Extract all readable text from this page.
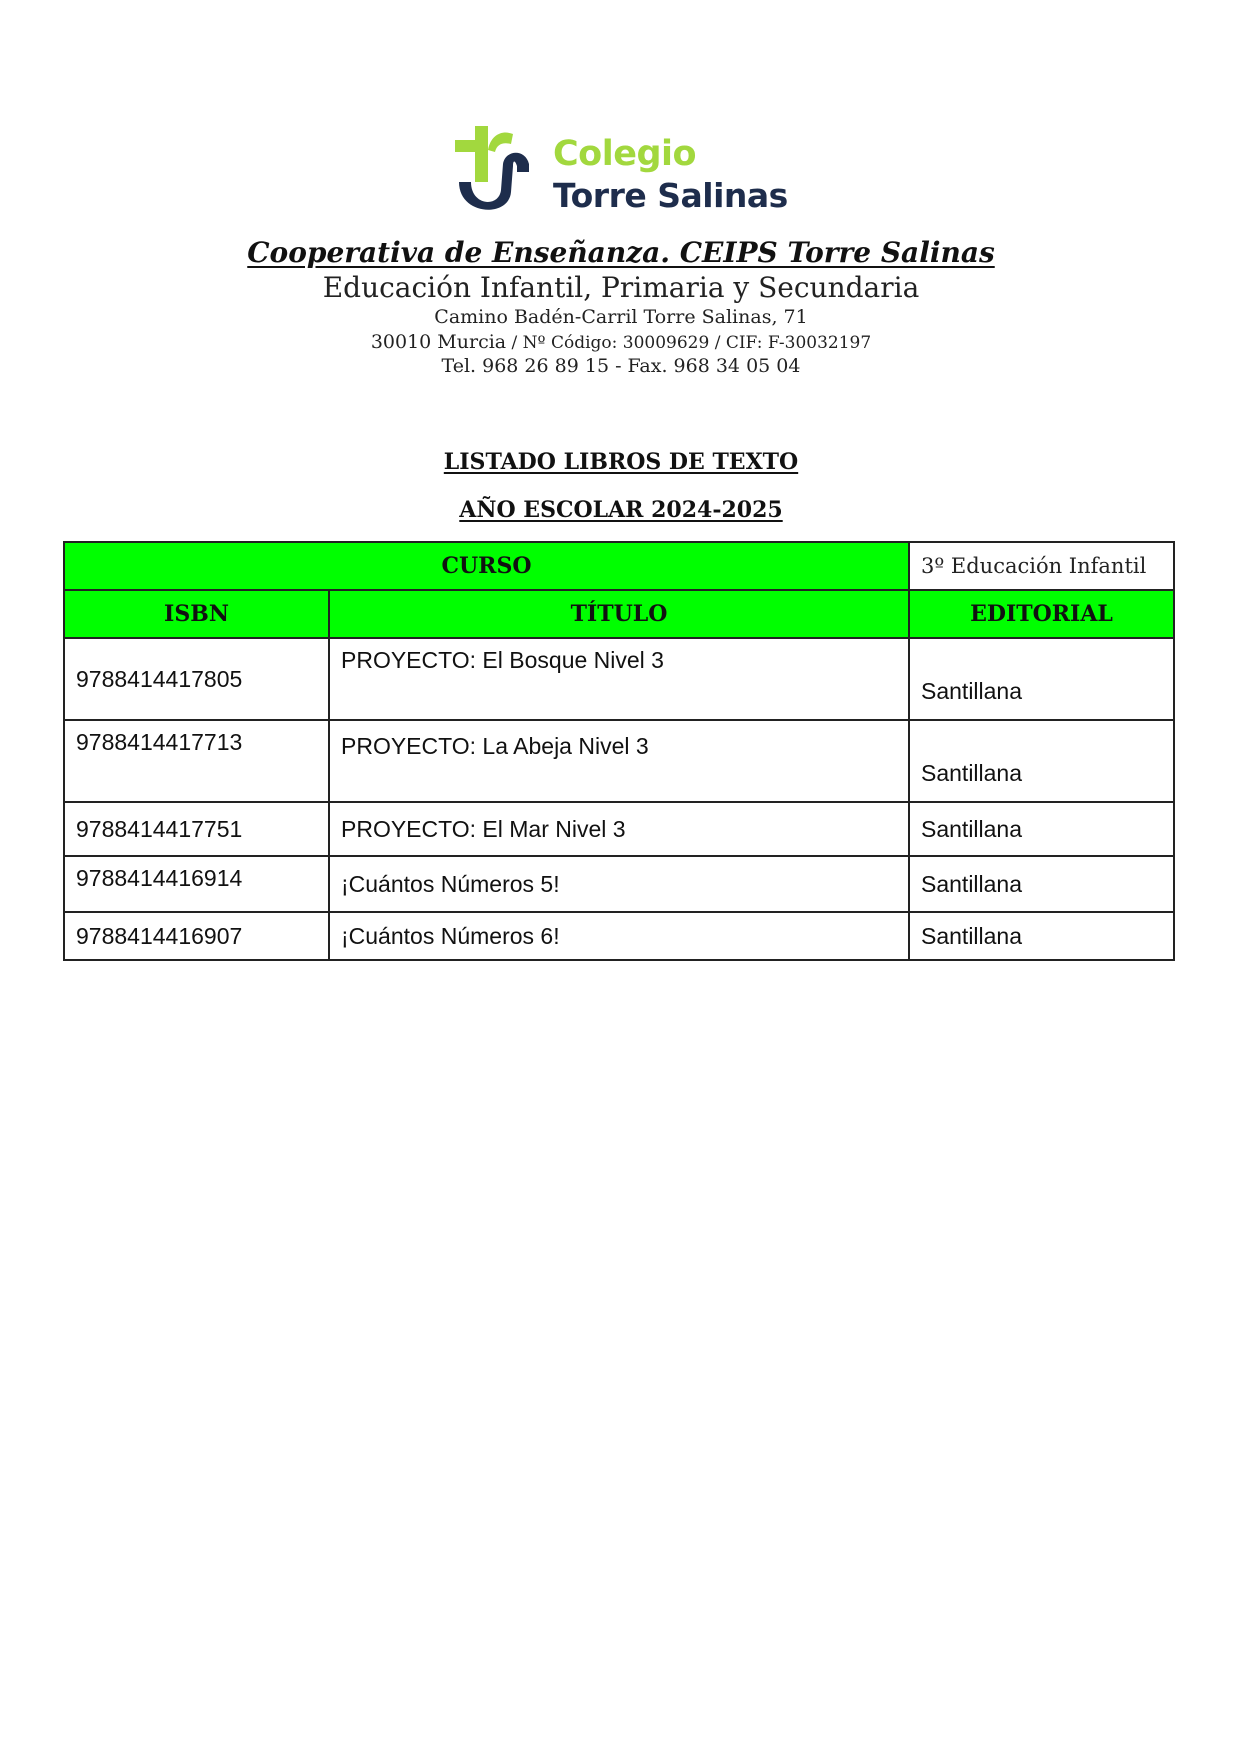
Colegio
Torre Salinas
Cooperativa de Enseñanza. CEIPS Torre Salinas
Educación Infantil, Primaria y Secundaria
Camino Badén-Carril Torre Salinas, 71
30010 Murcia / Nº Código: 30009629 / CIF: F-30032197
Tel. 968 26 89 15 - Fax. 968 34 05 04
LISTADO LIBROS DE TEXTO
AÑO ESCOLAR 2024-2025
CURSO		3º Educación Infantil
ISBN	TÍTULO	EDITORIAL
9788414417805	PROYECTO: El Bosque Nivel 3	Santillana
9788414417713	PROYECTO: La Abeja Nivel 3	Santillana
9788414417751	PROYECTO: El Mar Nivel 3	Santillana
9788414416914	¡Cuántos Números 5!	Santillana
9788414416907	¡Cuántos Números 6!	Santillana
